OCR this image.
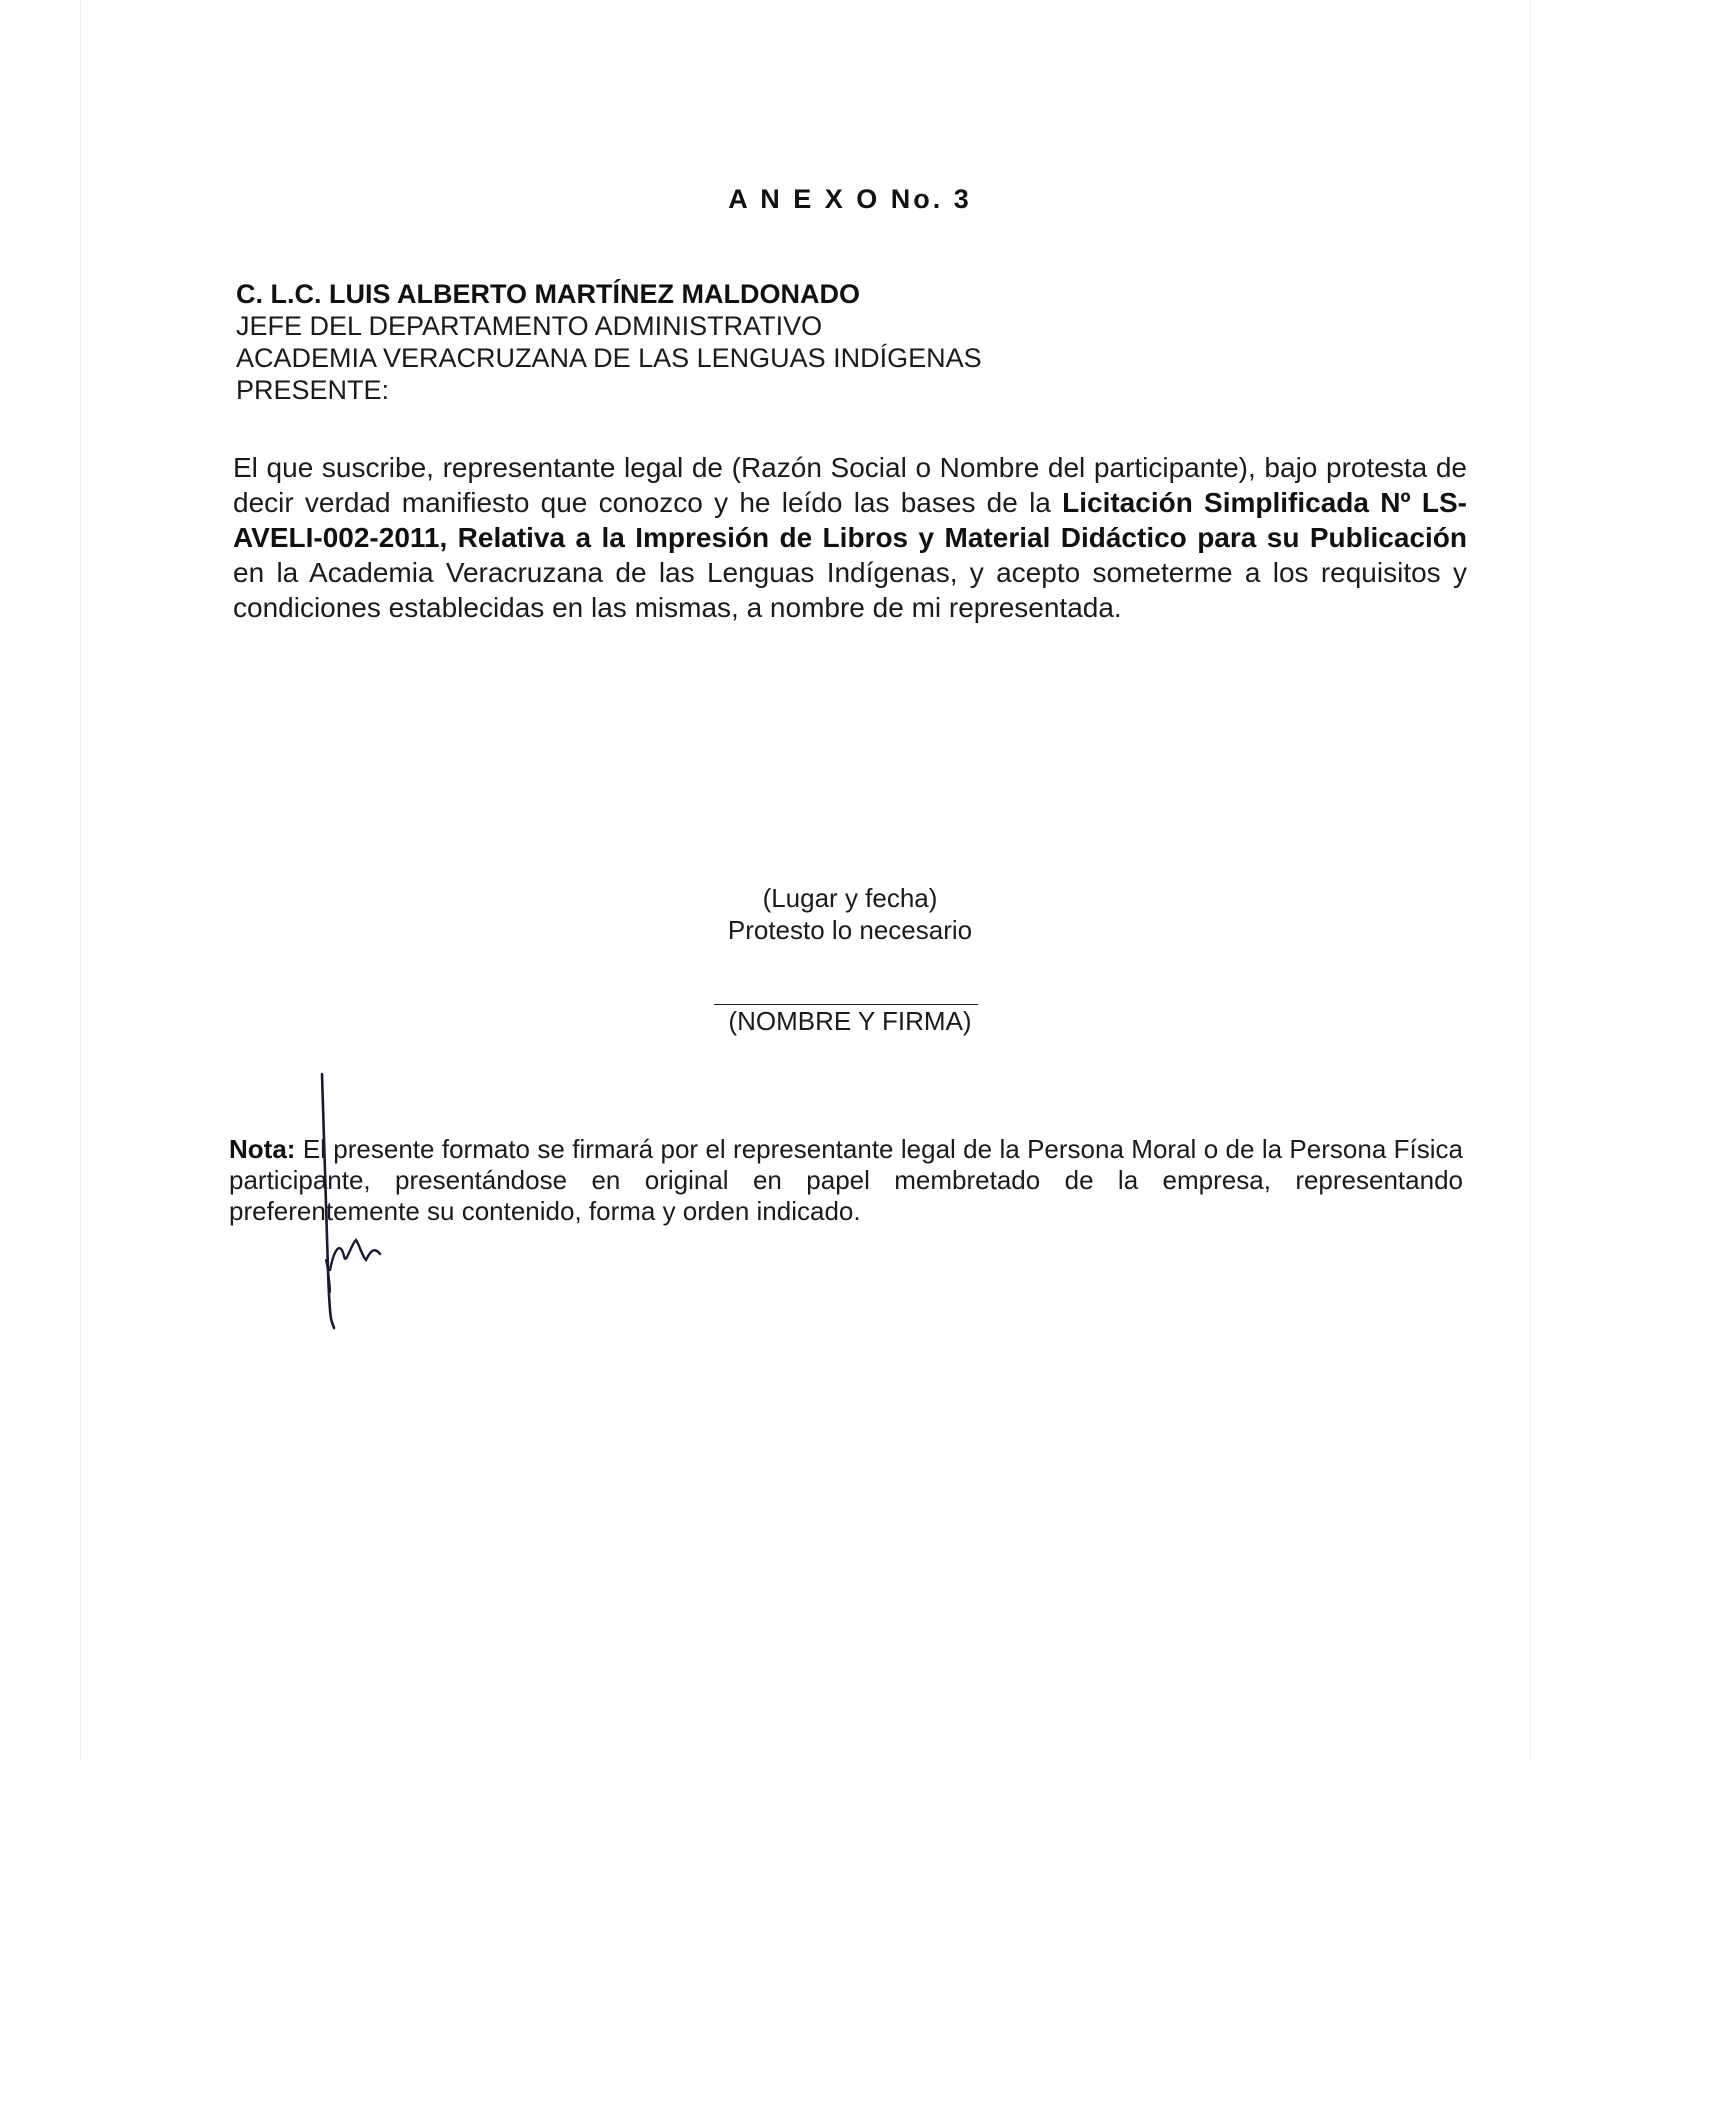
A N E X O No. 3
C. L.C. LUIS ALBERTO MARTÍNEZ MALDONADO
JEFE DEL DEPARTAMENTO ADMINISTRATIVO
ACADEMIA VERACRUZANA DE LAS LENGUAS INDÍGENAS
PRESENTE:
El que suscribe, representante legal de (Razón Social o Nombre del participante), bajo protesta de decir verdad manifiesto que conozco y he leído las bases de la Licitación Simplificada Nº LS-AVELI-002-2011, Relativa a la Impresión de Libros y Material Didáctico para su Publicación en la Academia Veracruzana de las Lenguas Indígenas, y acepto someterme a los requisitos y condiciones establecidas en las mismas, a nombre de mi representada.
(Lugar y fecha)
Protesto lo necesario
(NOMBRE Y FIRMA)
Nota: El presente formato se firmará por el representante legal de la Persona Moral o de la Persona Física participante, presentándose en original en papel membretado de la empresa, representando preferentemente su contenido, forma y orden indicado.
